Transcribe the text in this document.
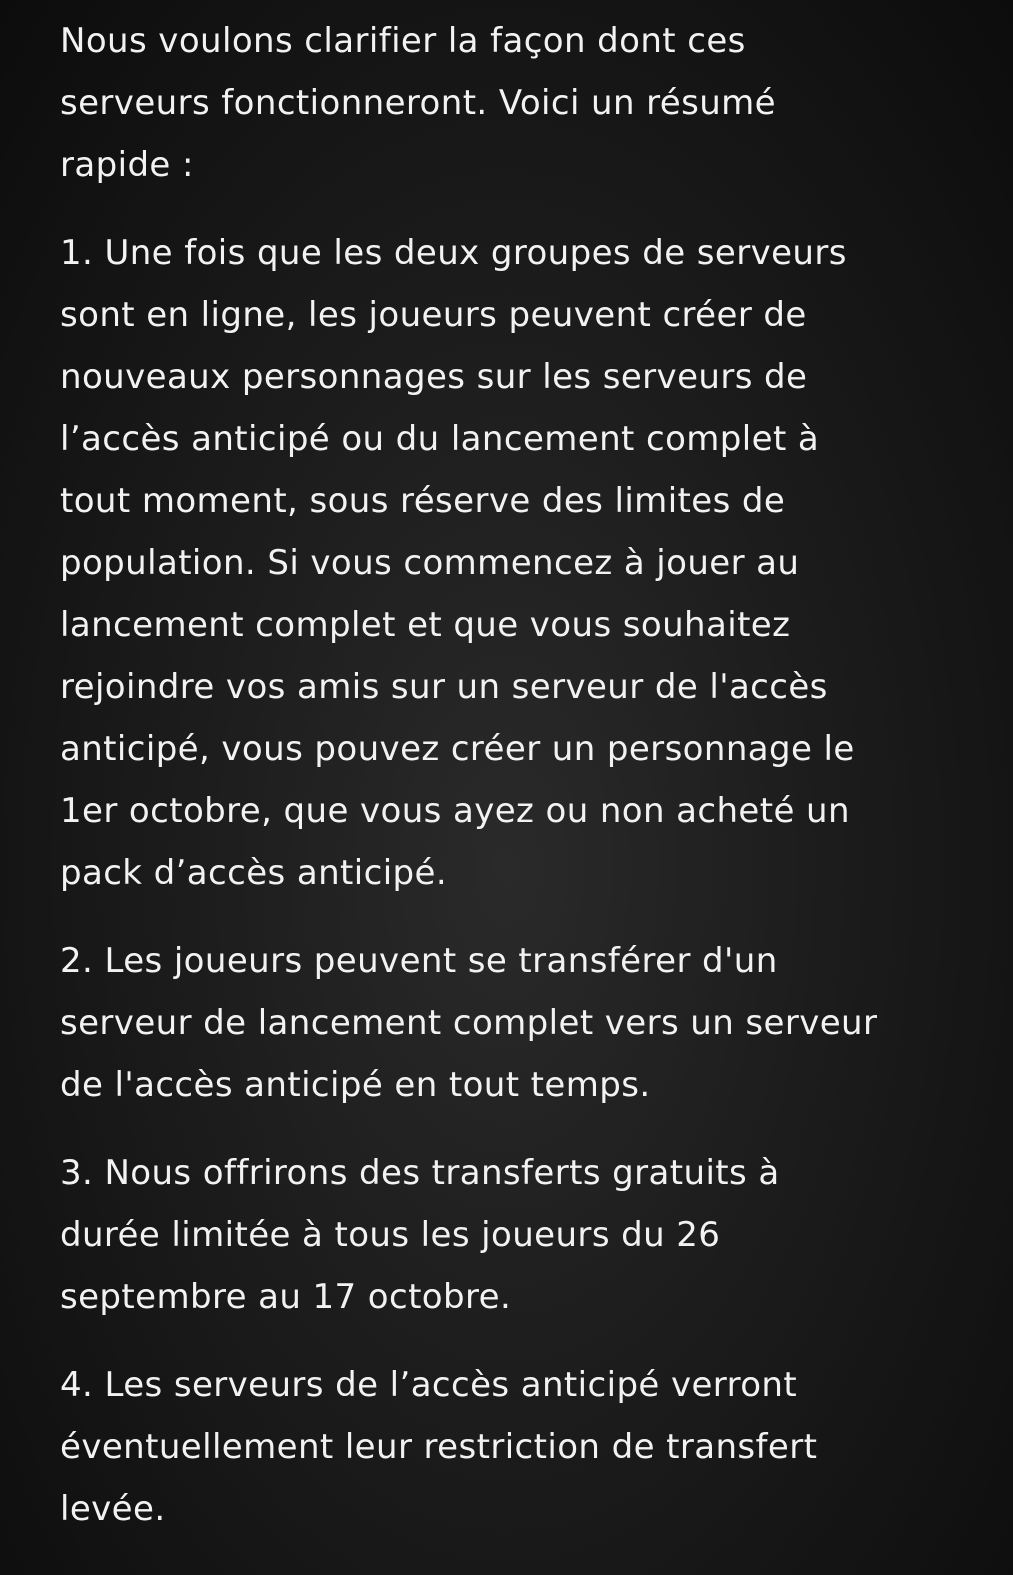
Nous voulons clarifier la façon dont ces
serveurs fonctionneront. Voici un résumé
rapide :

1. Une fois que les deux groupes de serveurs
sont en ligne, les joueurs peuvent créer de
nouveaux personnages sur les serveurs de
l’accès anticipé ou du lancement complet à
tout moment, sous réserve des limites de
population. Si vous commencez à jouer au
lancement complet et que vous souhaitez
rejoindre vos amis sur un serveur de l'accès
anticipé, vous pouvez créer un personnage le
1er octobre, que vous ayez ou non acheté un
pack d’accès anticipé.

2. Les joueurs peuvent se transférer d'un
serveur de lancement complet vers un serveur
de l'accès anticipé en tout temps.

3. Nous offrirons des transferts gratuits à
durée limitée à tous les joueurs du 26
septembre au 17 octobre.

4. Les serveurs de l’accès anticipé verront
éventuellement leur restriction de transfert
levée.
